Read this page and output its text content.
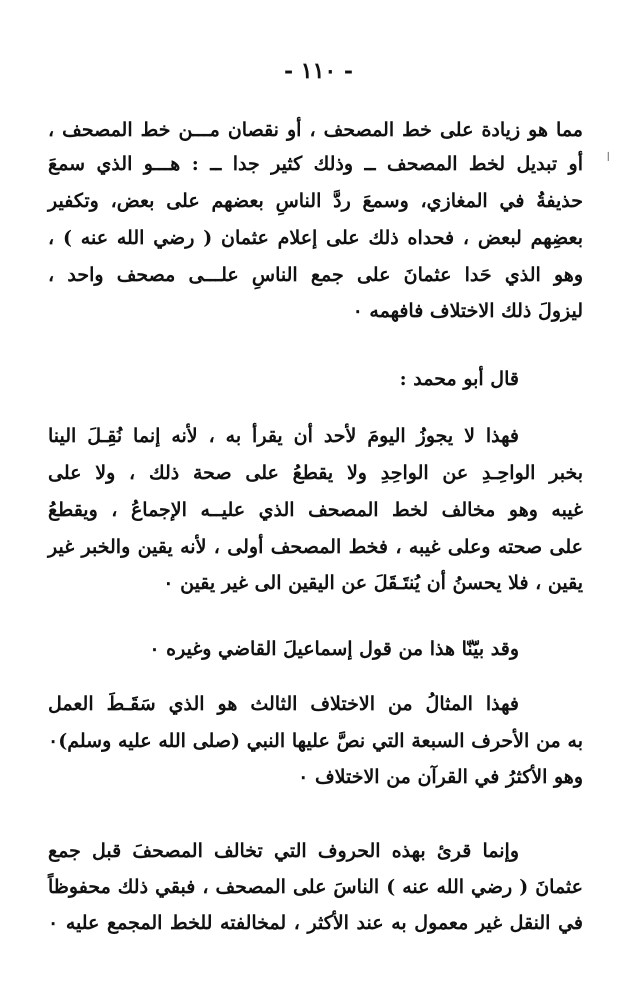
- ١١٠ -
ا
مما هو زيادة على خط المصحف ، أو نقصان مـــن خط المصحف ،
أو تبديل لخط المصحف ــ وذلك كثير جدا ــ : هـــو الذي سمعَ
حذيفةُ في المغازي، وسمعَ ردَّ الناسِ بعضهم على بعض، وتكفير
بعضِهم لبعض ، فحداه ذلك على إعلام عثمان ( رضي الله عنه ) ،
وهو الذي حَدا عثمانَ على جمع الناسِ علـــى مصحف واحد ،
ليزولَ ذلك الاختلاف فافهمه ٠
قال أبو محمد :
فهذا لا يجوزُ اليومَ لأحد أن يقرأ به ، لأنه إنما نُقِـلَ الينا
بخبر الواحِـدِ عن الواحِدِ ولا يقطعُ على صحة ذلك ، ولا على
غيبه وهو مخالف لخط المصحف الذي عليــه الإجماعُ ، ويقطعُ
على صحته وعلى غيبه ، فخط المصحف أولى ، لأنه يقين والخبر غير
يقين ، فلا يحسنُ أن يُنتَـقَلَ عن اليقين الى غير يقين ٠
وقد بيّنّا هذا من قول إسماعيلَ القاضي وغيره ٠
فهذا المثالُ من الاختلاف الثالث هو الذي سَقَـطَ العمل
به من الأحرف السبعة التي نصَّ عليها النبي (صلى الله عليه وسلم)٠
وهو الأكثرُ في القرآن من الاختلاف ٠
وإنما قرئ بهذه الحروف التي تخالف المصحفَ قبل جمع
عثمانَ ( رضي الله عنه ) الناسَ على المصحف ، فبقي ذلك محفوظاً
في النقل غير معمول به عند الأكثر ، لمخالفته للخط المجمع عليه ٠
